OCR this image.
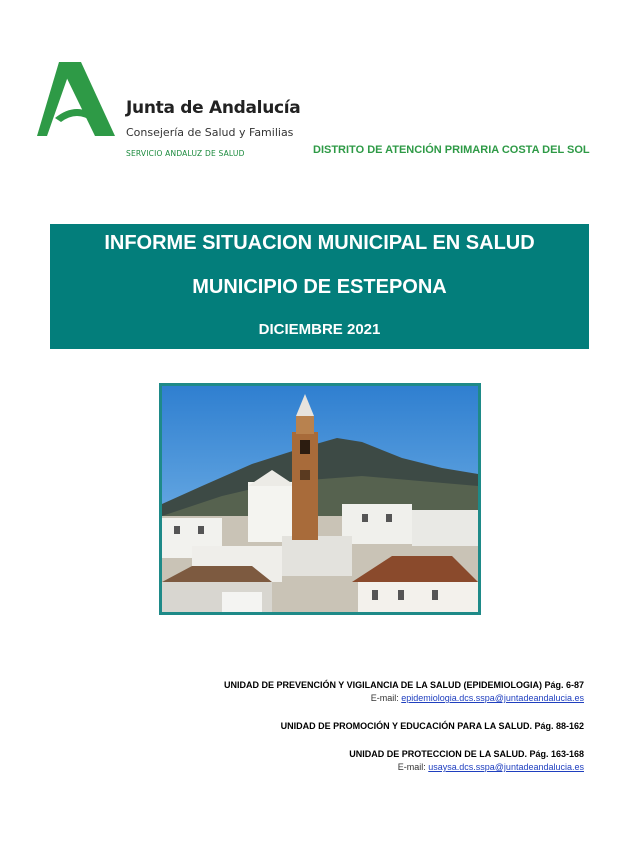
Junta de Andalucía
Consejería de Salud y Familias
SERVICIO ANDALUZ DE SALUD	DISTRITO DE ATENCIÓN PRIMARIA COSTA DEL SOL
INFORME SITUACION MUNICIPAL EN SALUD
MUNICIPIO DE ESTEPONA
DICIEMBRE 2021
UNIDAD DE PREVENCIÓN Y VIGILANCIA DE LA SALUD (EPIDEMIOLOGIA) Pág. 6-87
E-mail: epidemiologia.dcs.sspa@juntadeandalucia.es
UNIDAD DE PROMOCIÓN Y EDUCACIÓN PARA LA SALUD. Pág. 88-162
UNIDAD DE PROTECCION DE LA SALUD. Pág. 163-168
E-mail: usaysa.dcs.sspa@juntadeandalucia.es
